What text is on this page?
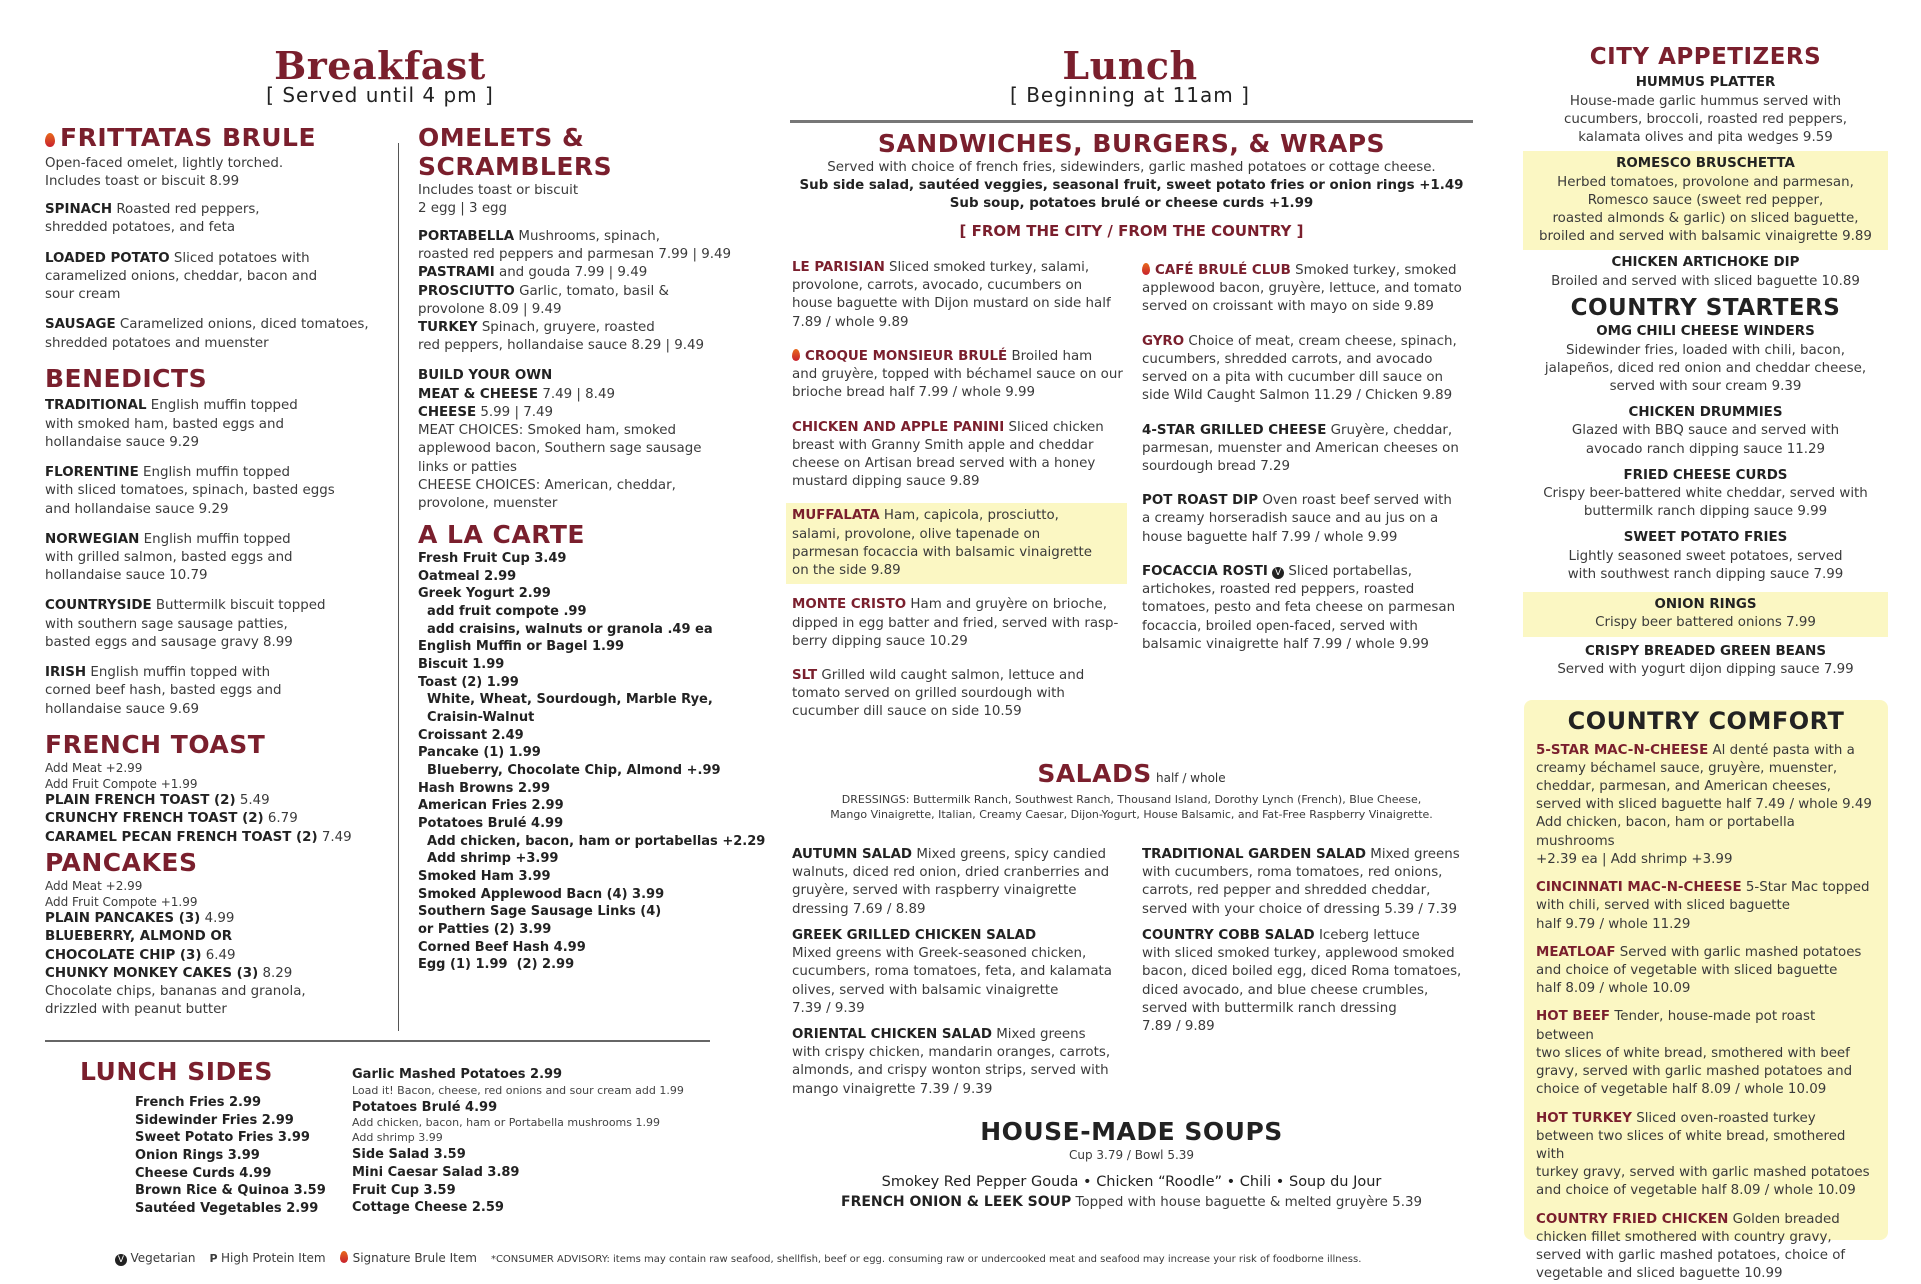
Breakfast
[ Served until 4 pm ]
FRITTATAS BRULE
Open-faced omelet, lightly torched.
Includes toast or biscuit 8.99
SPINACH Roasted red peppers,
shredded potatoes, and feta
LOADED POTATO Sliced potatoes with
caramelized onions, cheddar, bacon and
sour cream
SAUSAGE Caramelized onions, diced tomatoes,
shredded potatoes and muenster
BENEDICTS
TRADITIONAL English muffin topped
with smoked ham, basted eggs and
hollandaise sauce 9.29
FLORENTINE English muffin topped
with sliced tomatoes, spinach, basted eggs
and hollandaise sauce 9.29
NORWEGIAN English muffin topped
with grilled salmon, basted eggs and
hollandaise sauce 10.79
COUNTRYSIDE Buttermilk biscuit topped
with southern sage sausage patties,
basted eggs and sausage gravy 8.99
IRISH English muffin topped with
corned beef hash, basted eggs and
hollandaise sauce 9.69
FRENCH TOAST
Add Meat +2.99
Add Fruit Compote +1.99
PLAIN FRENCH TOAST (2) 5.49
CRUNCHY FRENCH TOAST (2) 6.79
CARAMEL PECAN FRENCH TOAST (2) 7.49
PANCAKES
Add Meat +2.99
Add Fruit Compote +1.99
PLAIN PANCAKES (3) 4.99
BLUEBERRY, ALMOND OR
CHOCOLATE CHIP (3) 6.49
CHUNKY MONKEY CAKES (3) 8.29
Chocolate chips, bananas and granola,
drizzled with peanut butter
OMELETS &
SCRAMBLERS
Includes toast or biscuit
2 egg | 3 egg
PORTABELLA Mushrooms, spinach,
roasted red peppers and parmesan 7.99 | 9.49
PASTRAMI and gouda 7.99 | 9.49
PROSCIUTTO Garlic, tomato, basil &
provolone 8.09 | 9.49
TURKEY Spinach, gruyere, roasted
red peppers, hollandaise sauce 8.29 | 9.49
BUILD YOUR OWN
MEAT & CHEESE 7.49 | 8.49
CHEESE 5.99 | 7.49
MEAT CHOICES: Smoked ham, smoked
applewood bacon, Southern sage sausage
links or patties
CHEESE CHOICES: American, cheddar,
provolone, muenster
A LA CARTE
Fresh Fruit Cup 3.49
Oatmeal 2.99
Greek Yogurt 2.99
add fruit compote .99
add craisins, walnuts or granola .49 ea
English Muffin or Bagel 1.99
Biscuit 1.99
Toast (2) 1.99
White, Wheat, Sourdough, Marble Rye,
Craisin-Walnut
Croissant 2.49
Pancake (1) 1.99
Blueberry, Chocolate Chip, Almond +.99
Hash Browns 2.99
American Fries 2.99
Potatoes Brulé 4.99
Add chicken, bacon, ham or portabellas +2.29
Add shrimp +3.99
Smoked Ham 3.99
Smoked Applewood Bacn (4) 3.99
Southern Sage Sausage Links (4)
or Patties (2) 3.99
Corned Beef Hash 4.99
Egg (1) 1.99  (2) 2.99
LUNCH SIDES
French Fries 2.99
Sidewinder Fries 2.99
Sweet Potato Fries 3.99
Onion Rings 3.99
Cheese Curds 4.99
Brown Rice & Quinoa 3.59
Sautéed Vegetables 2.99
Garlic Mashed Potatoes 2.99
Load it! Bacon, cheese, red onions and sour cream add 1.99
Potatoes Brulé 4.99
Add chicken, bacon, ham or Portabella mushrooms 1.99
Add shrimp 3.99
Side Salad 3.59
Mini Caesar Salad 3.89
Fruit Cup 3.59
Cottage Cheese 2.59
Lunch
[ Beginning at 11am ]
SANDWICHES, BURGERS, & WRAPS
Served with choice of french fries, sidewinders, garlic mashed potatoes or cottage cheese.
Sub side salad, sautéed veggies, seasonal fruit, sweet potato fries or onion rings +1.49
Sub soup, potatoes brulé or cheese curds +1.99
[ FROM THE CITY / FROM THE COUNTRY ]
LE PARISIAN Sliced smoked turkey, salami,
provolone, carrots, avocado, cucumbers on
house baguette with Dijon mustard on side half
7.89 / whole 9.89
CROQUE MONSIEUR BRULÉ Broiled ham
and gruyère, topped with béchamel sauce on our
brioche bread half 7.99 / whole 9.99
CHICKEN AND APPLE PANINI Sliced chicken
breast with Granny Smith apple and cheddar
cheese on Artisan bread served with a honey
mustard dipping sauce 9.89
MUFFALATA Ham, capicola, prosciutto,
salami, provolone, olive tapenade on
parmesan focaccia with balsamic vinaigrette
on the side 9.89
MONTE CRISTO Ham and gruyère on brioche,
dipped in egg batter and fried, served with rasp-
berry dipping sauce 10.29
SLT Grilled wild caught salmon, lettuce and
tomato served on grilled sourdough with
cucumber dill sauce on side 10.59
CAFÉ BRULÉ CLUB Smoked turkey, smoked
applewood bacon, gruyère, lettuce, and tomato
served on croissant with mayo on side 9.89
GYRO Choice of meat, cream cheese, spinach,
cucumbers, shredded carrots, and avocado
served on a pita with cucumber dill sauce on
side Wild Caught Salmon 11.29 / Chicken 9.89
4-STAR GRILLED CHEESE Gruyère, cheddar,
parmesan, muenster and American cheeses on
sourdough bread 7.29
POT ROAST DIP Oven roast beef served with
a creamy horseradish sauce and au jus on a
house baguette half 7.99 / whole 9.99
FOCACCIA ROSTI V Sliced portabellas,
artichokes, roasted red peppers, roasted
tomatoes, pesto and feta cheese on parmesan
focaccia, broiled open-faced, served with
balsamic vinaigrette half 7.99 / whole 9.99
SALADS half / whole
DRESSINGS: Buttermilk Ranch, Southwest Ranch, Thousand Island, Dorothy Lynch (French), Blue Cheese,
Mango Vinaigrette, Italian, Creamy Caesar, Dijon-Yogurt, House Balsamic, and Fat-Free Raspberry Vinaigrette.
AUTUMN SALAD Mixed greens, spicy candied
walnuts, diced red onion, dried cranberries and
gruyère, served with raspberry vinaigrette
dressing 7.69 / 8.89
GREEK GRILLED CHICKEN SALAD
Mixed greens with Greek-seasoned chicken,
cucumbers, roma tomatoes, feta, and kalamata
olives, served with balsamic vinaigrette
7.39 / 9.39
ORIENTAL CHICKEN SALAD Mixed greens
with crispy chicken, mandarin oranges, carrots,
almonds, and crispy wonton strips, served with
mango vinaigrette 7.39 / 9.39
TRADITIONAL GARDEN SALAD Mixed greens
with cucumbers, roma tomatoes, red onions,
carrots, red pepper and shredded cheddar,
served with your choice of dressing 5.39 / 7.39
COUNTRY COBB SALAD Iceberg lettuce
with sliced smoked turkey, applewood smoked
bacon, diced boiled egg, diced Roma tomatoes,
diced avocado, and blue cheese crumbles,
served with buttermilk ranch dressing
7.89 / 9.89
HOUSE-MADE SOUPS
Cup 3.79 / Bowl 5.39
Smokey Red Pepper Gouda • Chicken “Roodle” • Chili • Soup du Jour
FRENCH ONION & LEEK SOUP Topped with house baguette & melted gruyère 5.39
CITY APPETIZERS
HUMMUS PLATTER
House-made garlic hummus served with
cucumbers, broccoli, roasted red peppers,
kalamata olives and pita wedges 9.59
ROMESCO BRUSCHETTA
Herbed tomatoes, provolone and parmesan,
Romesco sauce (sweet red pepper,
roasted almonds & garlic) on sliced baguette,
broiled and served with balsamic vinaigrette 9.89
CHICKEN ARTICHOKE DIP
Broiled and served with sliced baguette 10.89
COUNTRY STARTERS
OMG CHILI CHEESE WINDERS
Sidewinder fries, loaded with chili, bacon,
jalapeños, diced red onion and cheddar cheese,
served with sour cream 9.39
CHICKEN DRUMMIES
Glazed with BBQ sauce and served with
avocado ranch dipping sauce 11.29
FRIED CHEESE CURDS
Crispy beer-battered white cheddar, served with
buttermilk ranch dipping sauce 9.99
SWEET POTATO FRIES
Lightly seasoned sweet potatoes, served
with southwest ranch dipping sauce 7.99
ONION RINGS
Crispy beer battered onions 7.99
CRISPY BREADED GREEN BEANS
Served with yogurt dijon dipping sauce 7.99
COUNTRY COMFORT
5-STAR MAC-N-CHEESE Al denté pasta with a
creamy béchamel sauce, gruyère, muenster,
cheddar, parmesan, and American cheeses,
served with sliced baguette half 7.49 / whole 9.49
Add chicken, bacon, ham or portabella mushrooms
+2.39 ea | Add shrimp +3.99
CINCINNATI MAC-N-CHEESE 5-Star Mac topped
with chili, served with sliced baguette
half 9.79 / whole 11.29
MEATLOAF Served with garlic mashed potatoes
and choice of vegetable with sliced baguette
half 8.09 / whole 10.09
HOT BEEF Tender, house-made pot roast between
two slices of white bread, smothered with beef
gravy, served with garlic mashed potatoes and
choice of vegetable half 8.09 / whole 10.09
HOT TURKEY Sliced oven-roasted turkey
between two slices of white bread, smothered with
turkey gravy, served with garlic mashed potatoes
and choice of vegetable half 8.09 / whole 10.09
COUNTRY FRIED CHICKEN Golden breaded
chicken fillet smothered with country gravy,
served with garlic mashed potatoes, choice of
vegetable and sliced baguette 10.99
V Vegetarian P High Protein Item Signature Brule Item *CONSUMER ADVISORY: items may contain raw seafood, shellfish, beef or egg. consuming raw or undercooked meat and seafood may increase your risk of foodborne illness.
